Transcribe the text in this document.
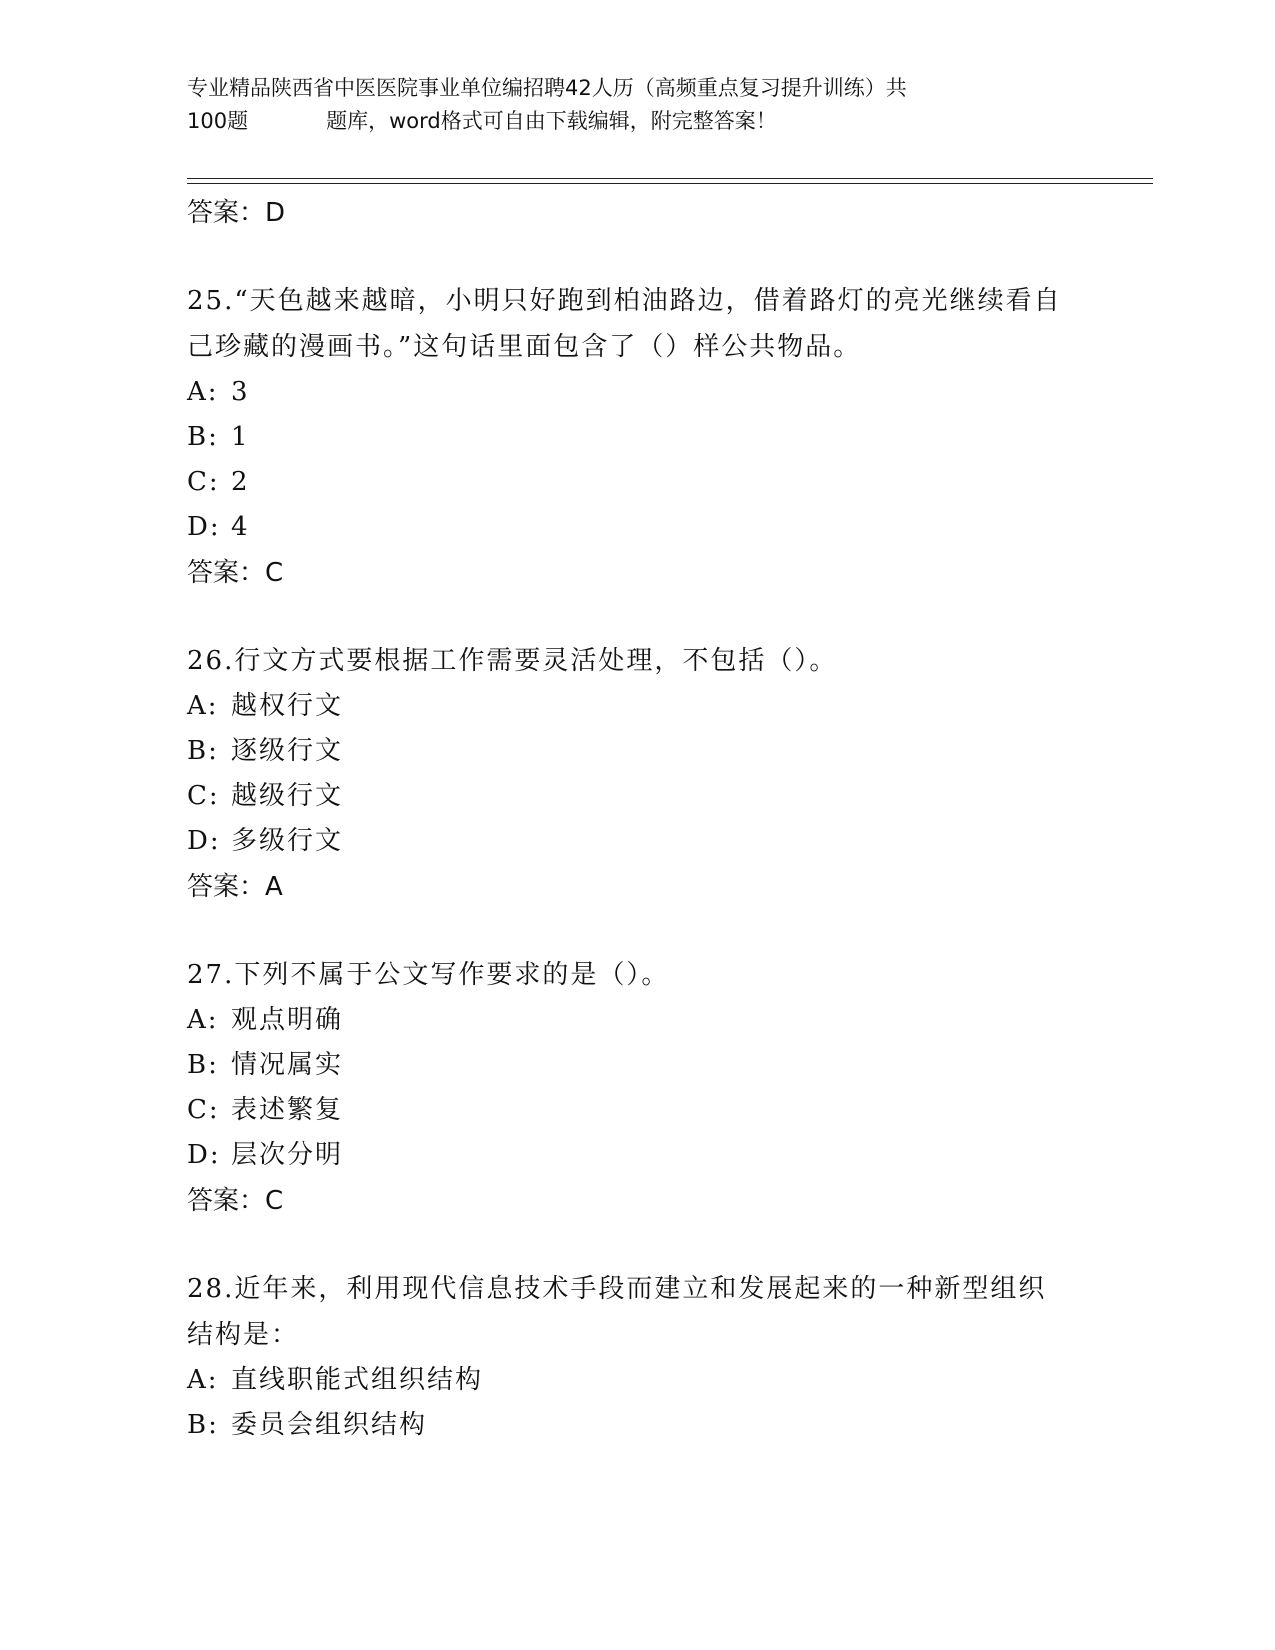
专业精品陕西省中医医院事业单位编招聘42人历（高频重点复习提升训练）共
100题	题库，word格式可自由下载编辑，附完整答案！
答案：D
25.“天色越来越暗，小明只好跑到柏油路边，借着路灯的亮光继续看自己珍藏的漫画书。”这句话里面包含了（）样公共物品。
A: 3
B: 1
C: 2
D: 4
答案：C
26.行文方式要根据工作需要灵活处理，不包括（）。
A: 越权行文
B: 逐级行文
C: 越级行文
D: 多级行文
答案：A
27.下列不属于公文写作要求的是（）。
A: 观点明确
B: 情况属实
C: 表述繁复
D: 层次分明
答案：C
28.近年来，利用现代信息技术手段而建立和发展起来的一种新型组织结构是：
A: 直线职能式组织结构
B: 委员会组织结构
